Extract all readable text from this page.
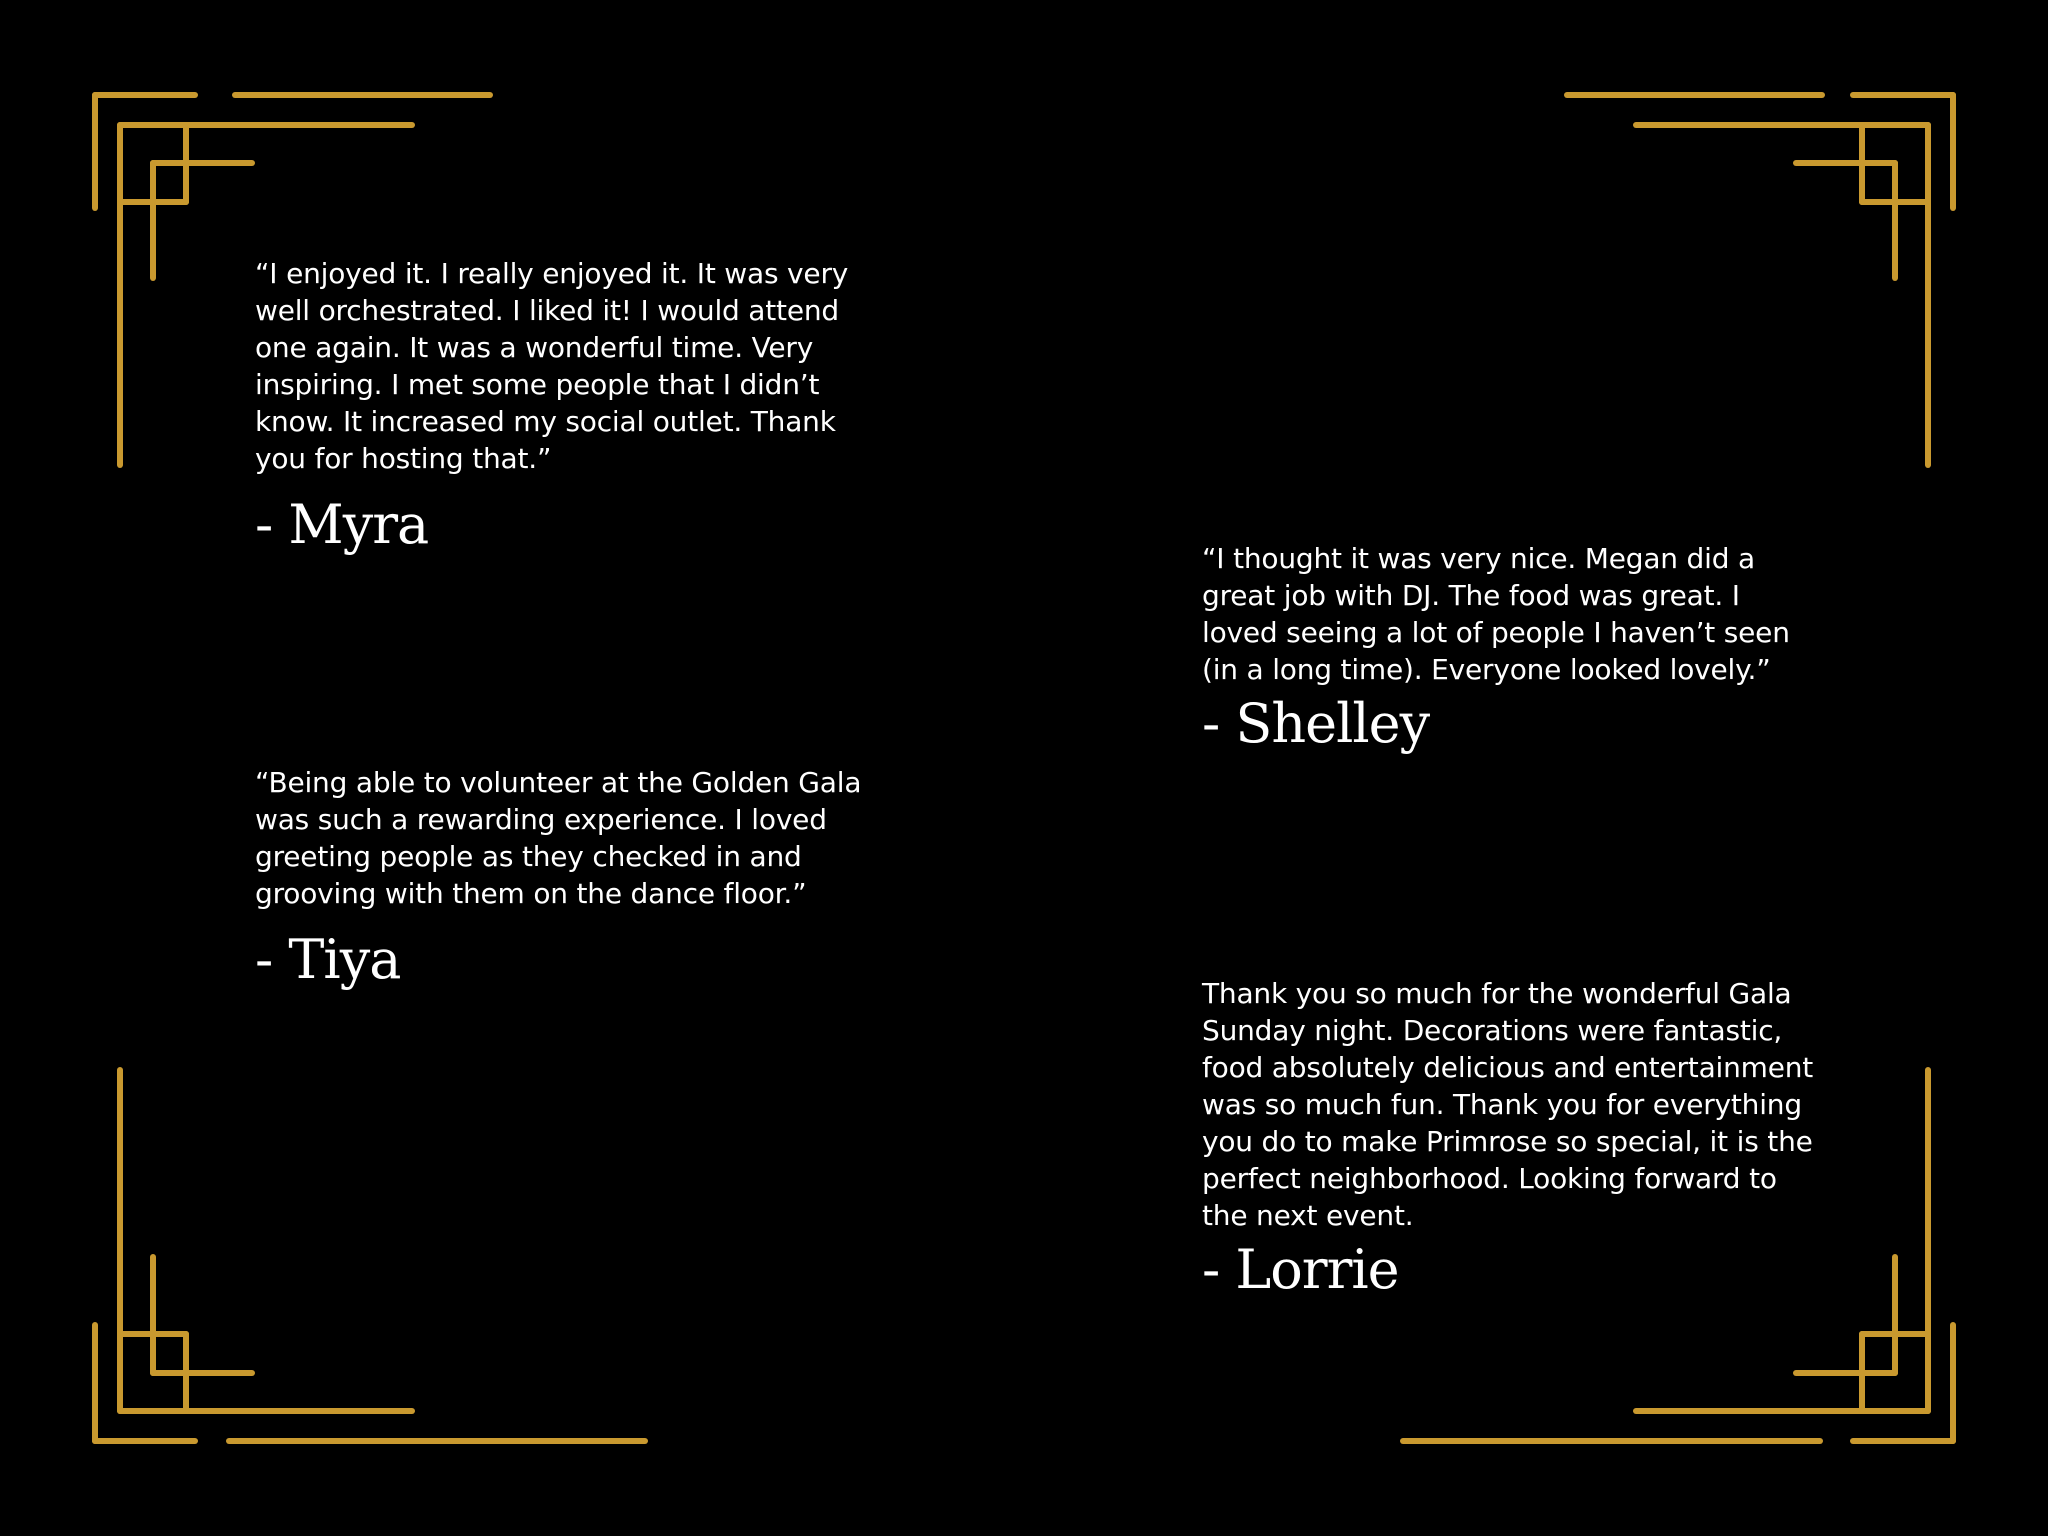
“I enjoyed it. I really enjoyed it. It was very
well orchestrated. I liked it! I would attend
one again. It was a wonderful time. Very
inspiring. I met some people that I didn’t
know. It increased my social outlet. Thank
you for hosting that.”

- Myra

“I thought it was very nice. Megan did a
great job with DJ. The food was great. I
loved seeing a lot of people I haven’t seen
(in a long time). Everyone looked lovely.”

- Shelley

“Being able to volunteer at the Golden Gala
was such a rewarding experience. I loved
greeting people as they checked in and
grooving with them on the dance floor.”

- Tiya

Thank you so much for the wonderful Gala
Sunday night. Decorations were fantastic,
food absolutely delicious and entertainment
was so much fun. Thank you for everything
you do to make Primrose so special, it is the
perfect neighborhood. Looking forward to
the next event.

- Lorrie
